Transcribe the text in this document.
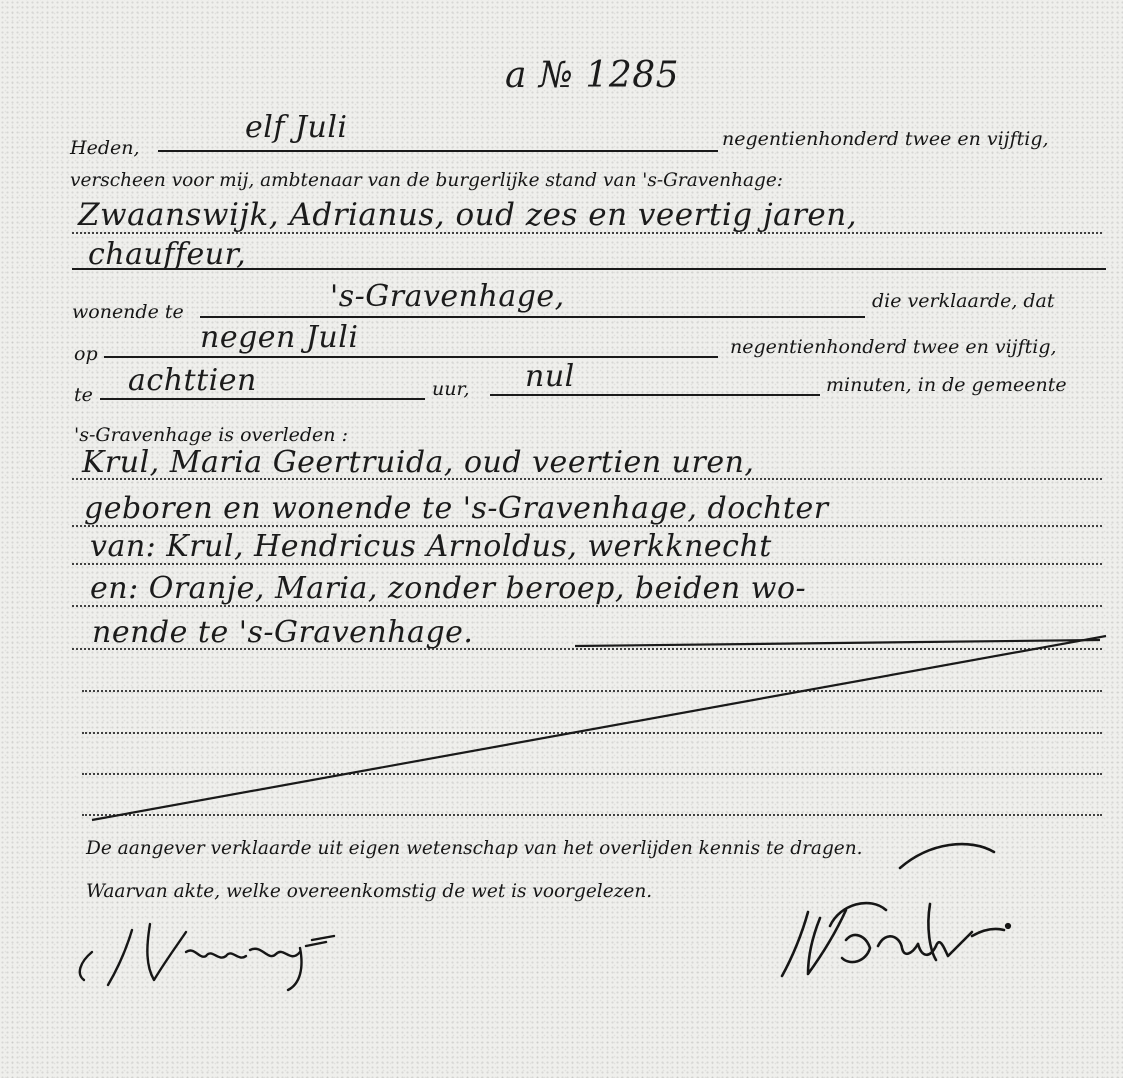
a № 1285
Heden,
elf Juli	negentienhonderd twee en vijftig,
verscheen voor mij, ambtenaar van de burgerlijke stand van 's-Gravenhage:
Zwaanswijk, Adrianus, oud zes en veertig jaren,
chauffeur,
wonende te	's-Gravenhage,	die verklaarde, dat
op	negen Juli	negentienhonderd twee en vijftig,
te achttien	uur, nul	minuten, in de gemeente
's-Gravenhage is overleden :
Krul, Maria Geertruida, oud veertien uren,
geboren en wonende te 's-Gravenhage, dochter
van: Krul, Hendricus Arnoldus, werkknecht
en: Oranje, Maria, zonder beroep, beiden wo-
nende te 's-Gravenhage.
De aangever verklaarde uit eigen wetenschap van het overlijden kennis te dragen.
Waarvan akte, welke overeenkomstig de wet is voorgelezen.
